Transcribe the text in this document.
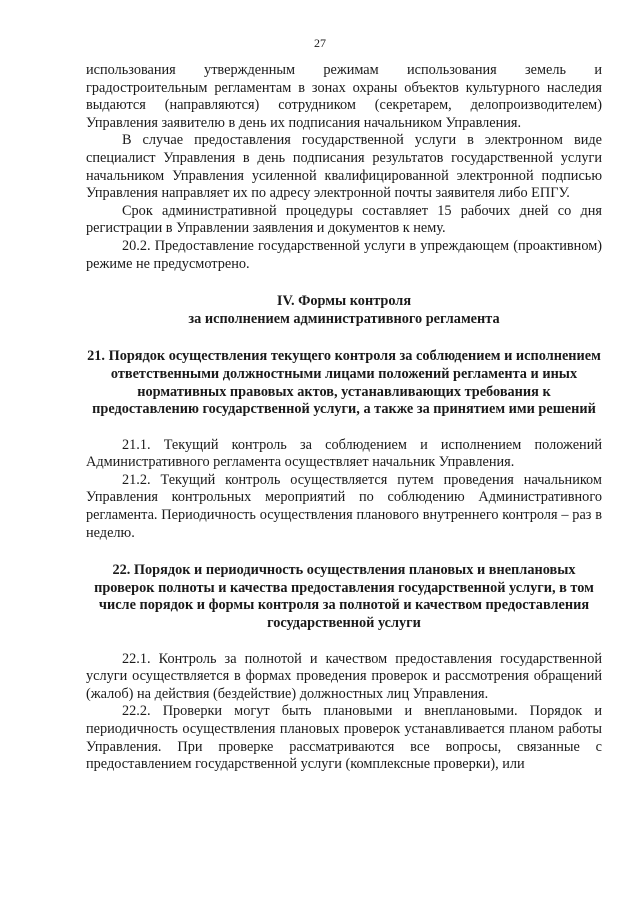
27

использования утвержденным режимам использования земель и градостроительным регламентам в зонах охраны объектов культурного наследия выдаются (направляются) сотрудником (секретарем, делопроизводителем) Управления заявителю в день их подписания начальником Управления.

В случае предоставления государственной услуги в электронном виде специалист Управления в день подписания результатов государственной услуги начальником Управления усиленной квалифицированной электронной подписью Управления направляет их по адресу электронной почты заявителя либо ЕПГУ.

Срок административной процедуры составляет 15 рабочих дней со дня регистрации в Управлении заявления и документов к нему.

20.2. Предоставление государственной услуги в упреждающем (проактивном) режиме не предусмотрено.

IV. Формы контроля

за исполнением административного регламента

21. Порядок осуществления текущего контроля за соблюдением и исполнением ответственными должностными лицами положений регламента и иных нормативных правовых актов, устанавливающих требования к предоставлению государственной услуги, а также за принятием ими решений

21.1. Текущий контроль за соблюдением и исполнением положений Административного регламента осуществляет начальник Управления.

21.2. Текущий контроль осуществляется путем проведения начальником Управления контрольных мероприятий по соблюдению Административного регламента. Периодичность осуществления планового внутреннего контроля – раз в неделю.

22. Порядок и периодичность осуществления плановых и внеплановых проверок полноты и качества предоставления государственной услуги, в том числе порядок и формы контроля за полнотой и качеством предоставления государственной услуги

22.1. Контроль за полнотой и качеством предоставления государственной услуги осуществляется в формах проведения проверок и рассмотрения обращений (жалоб) на действия (бездействие) должностных лиц Управления.

22.2. Проверки могут быть плановыми и внеплановыми. Порядок и периодичность осуществления плановых проверок устанавливается планом работы Управления. При проверке рассматриваются все вопросы, связанные с предоставлением государственной услуги (комплексные проверки), или
